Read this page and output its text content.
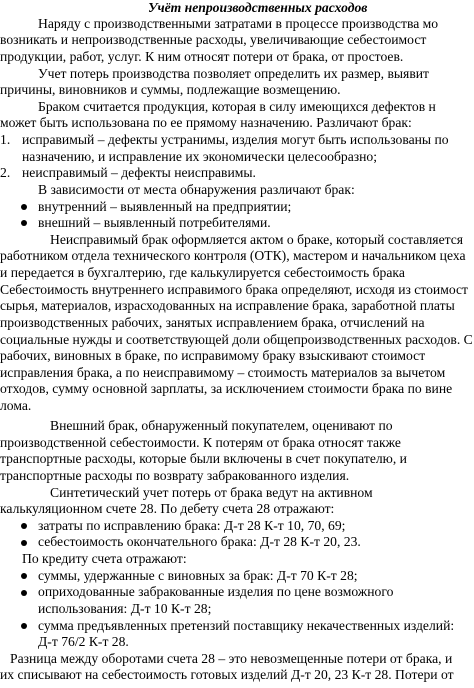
Учёт непроизводственных расходов
Наряду с производственными затратами в процессе производства мо
возникать и непроизводственные расходы, увеличивающие себестоимост
продукции, работ, услуг. К ним относят потери от брака, от простоев.
Учет потерь производства позволяет определить их размер, выявит
причины, виновников и суммы, подлежащие возмещению.
Браком считается продукция, которая в силу имеющихся дефектов н
может быть использована по ее прямому назначению. Различают брак:
1. исправимый – дефекты устранимы, изделия могут быть использованы по
назначению, и исправление их экономически целесообразно;
2. неисправимый – дефекты неисправимы.
В зависимости от места обнаружения различают брак:
внутренний – выявленный на предприятии;
внешний – выявленный потребителями.
Неисправимый брак оформляется актом о браке, который составляется
работником отдела технического контроля (ОТК), мастером и начальником цеха
и передается в бухгалтерию, где калькулируется себестоимость брака
Себестоимость внутреннего исправимого брака определяют, исходя из стоимост
сырья, материалов, израсходованных на исправление брака, заработной платы
производственных рабочих, занятых исправлением брака, отчислений на
социальные нужды и соответствующей доли общепроизводственных расходов. С
рабочих, виновных в браке, по исправимому браку взыскивают стоимост
исправления брака, а по неисправимому – стоимость материалов за вычетом
отходов, сумму основной зарплаты, за исключением стоимости брака по вине
лома.
Внешний брак, обнаруженный покупателем, оценивают по
производственной себестоимости. К потерям от брака относят также
транспортные расходы, которые были включены в счет покупателю, и
транспортные расходы по возврату забракованного изделия.
Синтетический учет потерь от брака ведут на активном
калькуляционном счете 28. По дебету счета 28 отражают:
затраты по исправлению брака: Д-т 28 К-т 10, 70, 69;
себестоимость окончательного брака: Д-т 28 К-т 20, 23.
По кредиту счета отражают:
суммы, удержанные с виновных за брак: Д-т 70 К-т 28;
оприходованные забракованные изделия по цене возможного
использования: Д-т 10 К-т 28;
сумма предъявленных претензий поставщику некачественных изделий:
Д-т 76/2 К-т 28.
Разница между оборотами счета 28 – это невозмещенные потери от брака, и
их списывают на себестоимость готовых изделий Д-т 20, 23 К-т 28. Потери от
